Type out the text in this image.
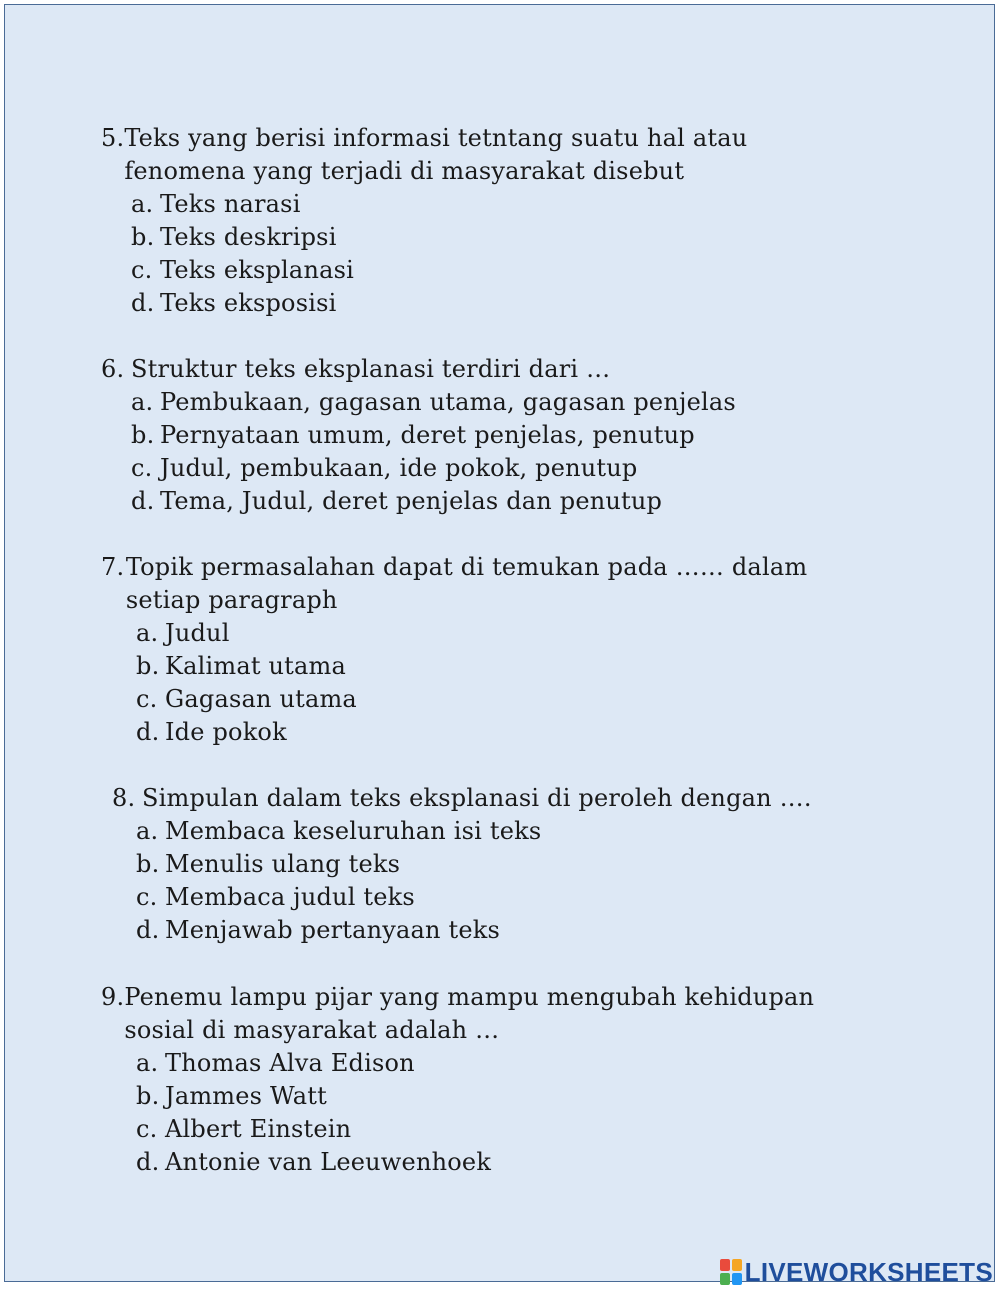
5. Teks yang berisi informasi tetntang suatu hal atau fenomena yang terjadi di masyarakat disebut
a. Teks narasi
b. Teks deskripsi
c. Teks eksplanasi
d. Teks eksposisi
6. Struktur teks eksplanasi terdiri dari …
a. Pembukaan, gagasan utama, gagasan penjelas
b. Pernyataan umum, deret penjelas, penutup
c. Judul, pembukaan, ide pokok, penutup
d. Tema, Judul, deret penjelas dan penutup
7. Topik permasalahan dapat di temukan pada …… dalam setiap paragraph
a. Judul
b. Kalimat utama
c. Gagasan utama
d. Ide pokok
8. Simpulan dalam teks eksplanasi di peroleh dengan ….
a. Membaca keseluruhan isi teks
b. Menulis ulang teks
c. Membaca judul teks
d. Menjawab pertanyaan teks
9. Penemu lampu pijar yang mampu mengubah kehidupan sosial di masyarakat adalah …
a. Thomas Alva Edison
b. Jammes Watt
c. Albert Einstein
d. Antonie van Leeuwenhoek
LIVEWORKSHEETS
